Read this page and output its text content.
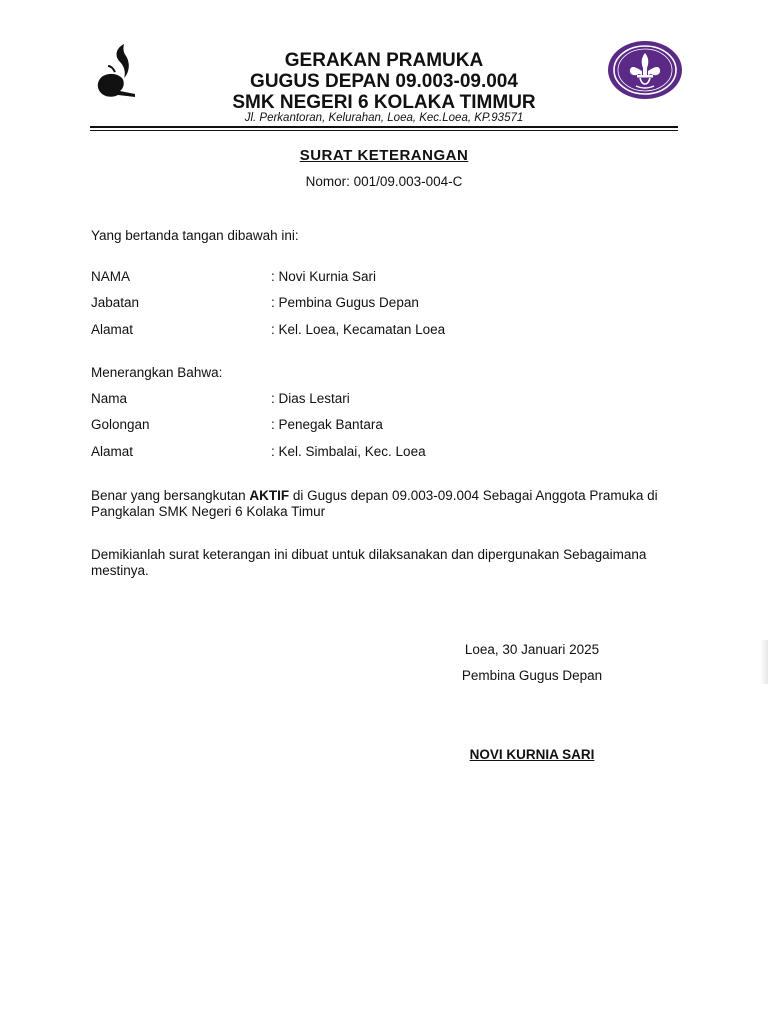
GERAKAN PRAMUKA
GUGUS DEPAN 09.003-09.004
SMK NEGERI 6 KOLAKA TIMMUR
Jl. Perkantoran, Kelurahan, Loea, Kec.Loea, KP.93571
SURAT KETERANGAN
Nomor: 001/09.003-004-C
Yang bertanda tangan dibawah ini:
NAMA	: Novi Kurnia Sari
Jabatan	: Pembina Gugus Depan
Alamat	: Kel. Loea, Kecamatan Loea
Menerangkan Bahwa:
Nama	: Dias Lestari
Golongan	: Penegak Bantara
Alamat	: Kel. Simbalai, Kec. Loea
Benar yang bersangkutan AKTIF di Gugus depan 09.003-09.004 Sebagai Anggota Pramuka di Pangkalan SMK Negeri 6 Kolaka Timur
Demikianlah surat keterangan ini dibuat untuk dilaksanakan dan dipergunakan Sebagaimana mestinya.
Loea, 30 Januari 2025
Pembina Gugus Depan
NOVI KURNIA SARI
